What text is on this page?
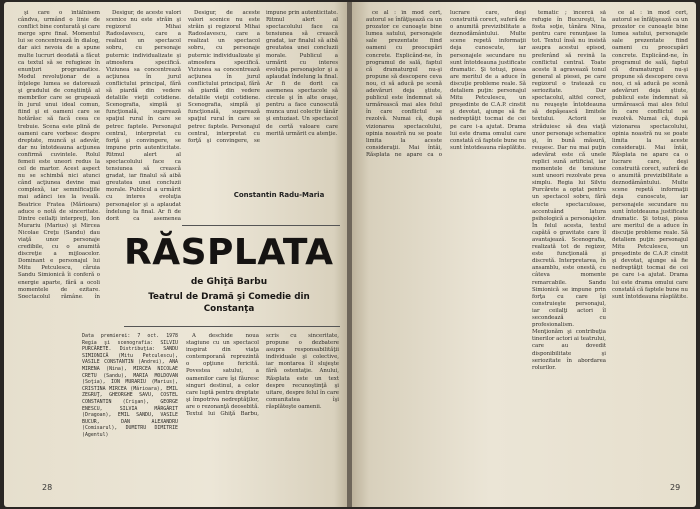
şi care o întâlnisem cândva, urmând o linie de conflict bine conturată şi care merge spre final. Momentul lui se concentrează în dialog, dar aici nevoia de a spune multe lucruri deodată a făcut ca textul să se refugieze în enunţuri programatice. Modul revoluţionar de a înţelege lumea se datorează şi gradului de conştiinţă al membrilor care se grupează în jurul unui ideal comun, fiind şi ei oameni care se hotărăsc să facă ceea ce trebuie. Scena este plină de oameni care vorbesc despre dreptate, muncă şi adevăr, dar nu întotdeauna acţiunea confirmă cuvintele. Rolul femeii este uneori redus la cel de martor. Acest aspect nu se schimbă nici atunci când acţiunea devine mai complexă, iar semnificaţiile mai adânci ies la iveală. Beatrice Fratea (Mărioara) aduce o notă de sinceritate. Dintre ceilalţi interpreţi, Ion Murariu (Marius) şi Mircea Nicolae Creţu (Sandu) dau viaţă unor personaje credibile, cu o anumită discreţie a mijloacelor. Dominant e personajul lui Mitu Petculescu, căruia Sandu Simionică îi conferă o energie aparte, fără a ocoli momentele de ezitare. Spectacolul rămâne, în

Desigur, de aceste valori scenice nu este străin şi regizorul Mihai Radoslavescu, care a realizat un spectacol sobru, cu personaje puternic individualizate şi atmosfera specifică. Viziunea sa concentrează acţiunea în jurul conflictului principal, fără să piardă din vedere detaliile vieţii cotidiene. Scenografia, simplă şi funcţională, sugerează spaţiul rural în care se petrec faptele. Personajul central, interpretat cu forţă şi convingere, se impune prin autenticitate. Ritmul alert al spectacolului face ca tensiunea să crească gradat, iar finalul să aibă greutatea unei concluzii morale. Publicul a urmărit cu interes evoluţia personajelor şi a aplaudat îndelung la final. Ar fi de dorit ca asemenea

Desigur, de aceste valori scenice nu este străin şi regizorul Mihai Radoslavescu, care a realizat un spectacol sobru, cu personaje puternic individualizate şi atmosfera specifică. Viziunea sa concentrează acţiunea în jurul conflictului principal, fără să piardă din vedere detaliile vieţii cotidiene. Scenografia, simplă şi funcţională, sugerează spaţiul rural în care se petrec faptele. Personajul central, interpretat cu forţă şi convingere, se impune prin autenticitate. Ritmul alert al spectacolului face ca tensiunea să crească gradat, iar finalul să aibă greutatea unei concluzii morale. Publicul a urmărit cu interes evoluţia personajelor şi a aplaudat îndelung la final. Ar fi de dorit ca asemenea spectacole să circule şi în alte oraşe, pentru a face cunoscută munca unui colectiv tânăr şi entuziast. Un spectacol de certă valoare care merită urmărit cu atenţie.

Constantin Radu-Maria
RĂSPLATA
de Ghiţă Barbu
Teatrul de Dramă şi Comedie din Constanţa
Data premierei: 7 oct. 1978 Regia şi scenografia: SILVIU PURCĂRETE. Distribuţia: SANDU SIMIONICĂ (Mitu Petculescu), VASILE CONSTANTIN (Andrei), ANA MIRENA (Nina), MIRCEA NICOLAE CRETU (Sandu), MARIA MOLDOVAN (Soţia), ION MURARIU (Marius), CRISTINA MIRCEA (Mărioara), EMIL ZEGRUŢ, GHEORGHE SAVU, COSTEL CONSTANTIN (Crişan), GEORGE ENESCU, SILVIA MĂRGĂRIT (Dragoan), EMIL SANDU, VASILE BUCUR, DAN ALEXANDRU (Comisarul), DUMITRU DIMITRIE (Agentul)

A deschide noua stagiune cu un spectacol inspirat din viaţa contemporană reprezintă o opţiune fericită. Povestea satului, a oamenilor care îşi făuresc singuri destinul, a celor care luptă pentru dreptate şi împotriva nedreptăţilor, are o rezonanţă deosebită. Textul lui Ghiţă Barbu, scris cu sinceritate, propune o dezbatere asupra responsabilităţii individuale şi colective, iar montarea îl slujeşte fără ostentaţie. Anului, Răsplata este un text despre recunoştinţă şi uitare, despre felul în care comunitatea îşi răsplăteşte oamenii.

28

ce al : în mod cert, autorul se înfăţişează ca un prozator ce cunoaşte bine lumea satului, personajele sale prezentate fiind oameni cu preocupări concrete. Explicând-ne, în programul de sală, faptul că dramaturgul nu-şi propune să descopere ceva nou, ci să aducă pe scenă adevăruri deja ştiute, publicul este îndemnat să urmărească mai ales felul în care conflictul se rezolvă. Numai că, după vizionarea spectacolului, opinia noastră nu se poate limita la aceste consideraţii. Mai întâi, Răsplata ne apare ca o lucrare care, deşi construită corect, suferă de o anumită previzibilitate a deznodământului. Multe scene repetă informaţii deja cunoscute, iar personajele secundare nu sunt întotdeauna justificate dramatic. Şi totuşi, piesa are meritul de a aduce în discuţie probleme reale. Să detaliem puţin: personajul Mitu Petculescu, un preşedinte de C.A.P. cinstit şi devotat, ajunge să fie nedreptăţit tocmai de cei pe care i-a ajutat. Drama lui este drama omului care constată că faptele bune nu sunt întotdeauna răsplătite.

tematic ; încercă să refugie în Bucureşti, la fosta soţie, tânăra Nina, pentru care renunţase la tot. Textul însă nu insistă asupra acestui episod, preferând să revină la conflictul central. Toate aceste li agravează tonul general al piesei, pe care regizorul o tratează cu seriozitate. Dar spectacolul, altfel corect, nu reuşeşte întotdeauna să depăşească limitele textului. Actorii se străduiesc să dea viaţă unor personaje schematice şi, în bună măsură, reuşesc. Dar nu mai puţin adevărat este că unele replici sună artificial, iar momentele de tensiune sunt uneori rezolvate prea simplu. Regia lui Silviu Purcărete a optat pentru un spectacol sobru, fără efecte spectaculoase, accentuând latura psihologică a personajelor. În felul acesta, textul capătă o gravitate care îl avantajează. Scenografia, realizată tot de regizor, este funcţională şi discretă. Interpretarea, în ansamblu, este onestă, cu câteva momente remarcabile. Sandu Simionică se impune prin forţa cu care îşi construieşte personajul, iar ceilalţi actori îl secondează cu profesionalism. Menţionăm şi contribuţia tinerilor actori ai teatrului, care au dovedit disponibilitate şi seriozitate în abordarea rolurilor.

ce al : în mod cert, autorul se înfăţişează ca un prozator ce cunoaşte bine lumea satului, personajele sale prezentate fiind oameni cu preocupări concrete. Explicând-ne, în programul de sală, faptul că dramaturgul nu-şi propune să descopere ceva nou, ci să aducă pe scenă adevăruri deja ştiute, publicul este îndemnat să urmărească mai ales felul în care conflictul se rezolvă. Numai că, după vizionarea spectacolului, opinia noastră nu se poate limita la aceste consideraţii. Mai întâi, Răsplata ne apare ca o lucrare care, deşi construită corect, suferă de o anumită previzibilitate a deznodământului. Multe scene repetă informaţii deja cunoscute, iar personajele secundare nu sunt întotdeauna justificate dramatic. Şi totuşi, piesa are meritul de a aduce în discuţie probleme reale. Să detaliem puţin: personajul Mitu Petculescu, un preşedinte de C.A.P. cinstit şi devotat, ajunge să fie nedreptăţit tocmai de cei pe care i-a ajutat. Drama lui este drama omului care constată că faptele bune nu sunt întotdeauna răsplătite.

29
